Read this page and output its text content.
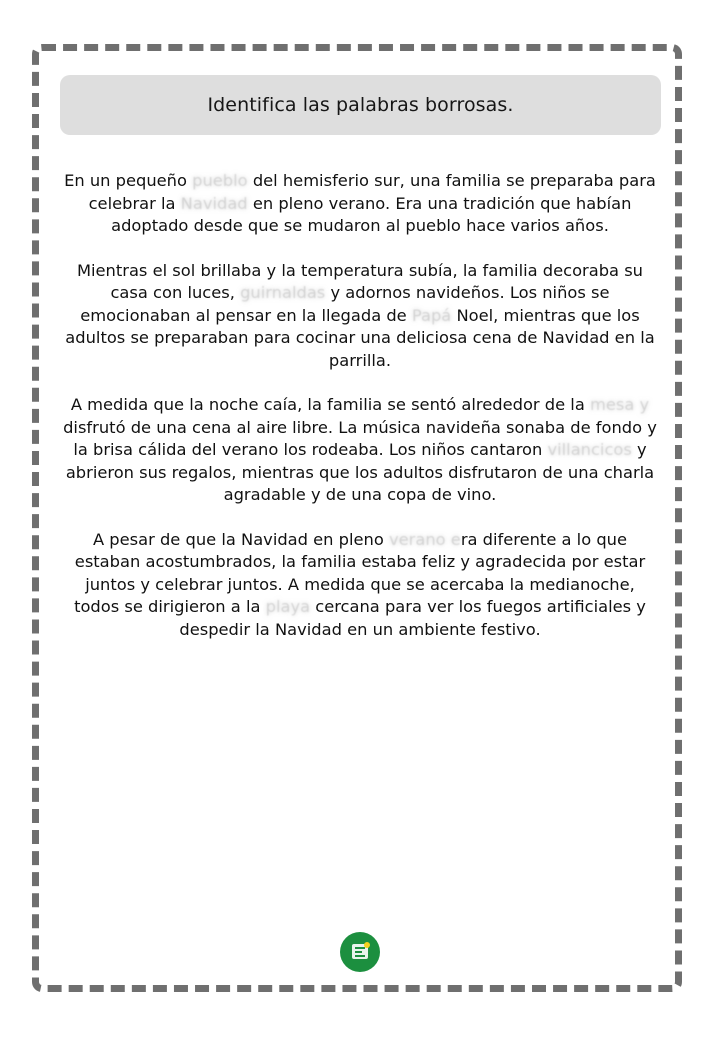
Identifica las palabras borrosas.

En un pequeño pueblo del hemisferio sur, una familia se preparaba para celebrar la Navidad en pleno verano. Era una tradición que habían adoptado desde que se mudaron al pueblo hace varios años.

Mientras el sol brillaba y la temperatura subía, la familia decoraba su casa con luces, guirnaldas y adornos navideños. Los niños se emocionaban al pensar en la llegada de Papá Noel, mientras que los adultos se preparaban para cocinar una deliciosa cena de Navidad en la parrilla.

A medida que la noche caía, la familia se sentó alrededor de la mesa y disfrutó de una cena al aire libre. La música navideña sonaba de fondo y la brisa cálida del verano los rodeaba. Los niños cantaron villancicos y abrieron sus regalos, mientras que los adultos disfrutaron de una charla agradable y de una copa de vino.

A pesar de que la Navidad en pleno verano era diferente a lo que estaban acostumbrados, la familia estaba feliz y agradecida por estar juntos y celebrar juntos. A medida que se acercaba la medianoche, todos se dirigieron a la playa cercana para ver los fuegos artificiales y despedir la Navidad en un ambiente festivo.
